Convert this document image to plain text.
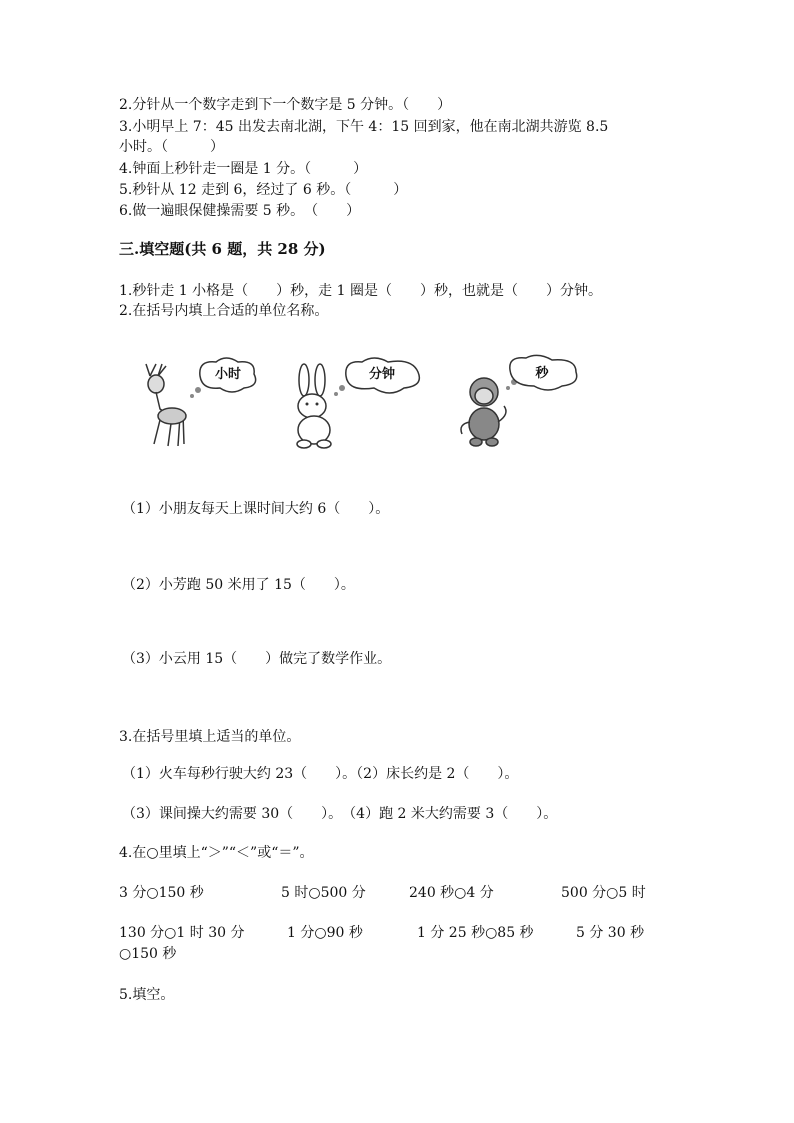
2.分针从一个数字走到下一个数字是 5 分钟。（　　）
3.小明早上 7：45 出发去南北湖，下午 4：15 回到家，他在南北湖共游览 8.5
小时。（　　　）
4.钟面上秒针走一圈是 1 分。（　　　）
5.秒针从 12 走到 6，经过了 6 秒。（　　　）
6.做一遍眼保健操需要 5 秒。　（　　）
三.填空题(共 6 题，共 28 分)
1.秒针走 1 小格是（　　）秒，走 1 圈是（　　）秒，也就是（　　）分钟。
2.在括号内填上合适的单位名称。
小时	分钟	秒
（1）小朋友每天上课时间大约 6（　　）。
（2）小芳跑 50 米用了 15（　　）。
（3）小云用 15（　　）做完了数学作业。
3.在括号里填上适当的单位。
（1）火车每秒行驶大约 23（　　）。（2）床长约是 2（　　）。
（3）课间操大约需要 30（　　）。　（4）跑 2 米大约需要 3（　　）。
4.在○里填上“＞”“＜”或“＝”。
3 分○150 秒	5 时○500 分	240 秒○4 分	500 分○5 时
130 分○1 时 30 分	1 分○90 秒	1 分 25 秒○85 秒	5 分 30 秒
○150 秒
5.填空。
